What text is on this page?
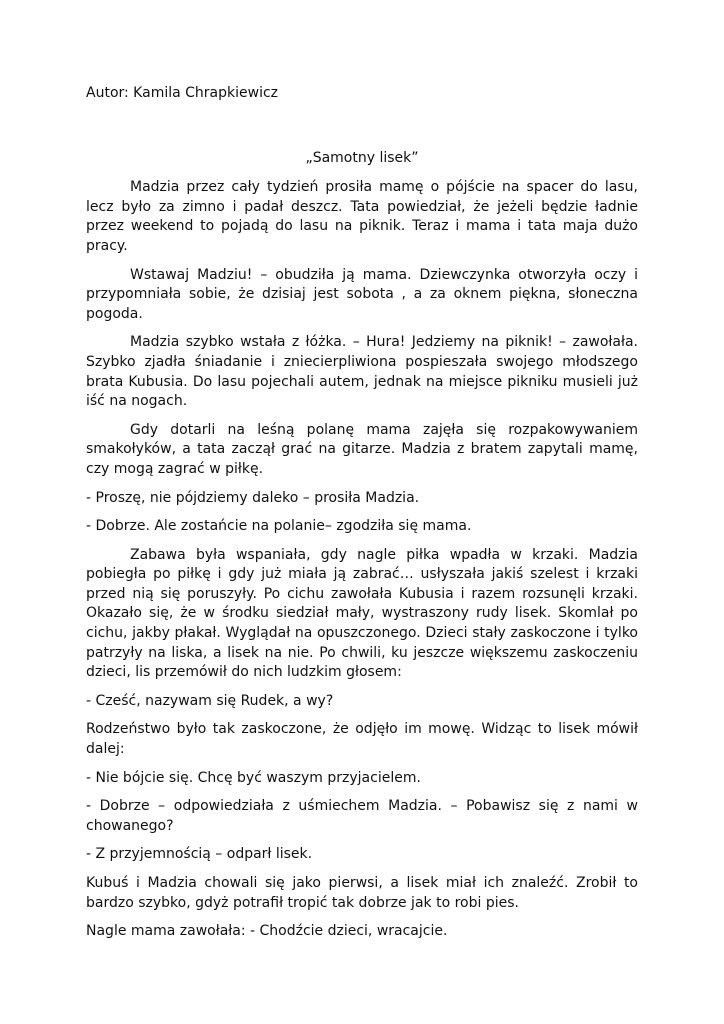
Autor: Kamila Chrapkiewicz

„Samotny lisek”

Madzia przez cały tydzień prosiła mamę o pójście na spacer do lasu, lecz było za zimno i padał deszcz. Tata powiedział, że jeżeli będzie ładnie przez weekend to pojadą do lasu na piknik. Teraz i mama i tata maja dużo pracy.

Wstawaj Madziu! – obudziła ją mama. Dziewczynka otworzyła oczy i przypomniała sobie, że dzisiaj jest sobota , a za oknem piękna, słoneczna pogoda.

Madzia szybko wstała z łóżka. – Hura! Jedziemy na piknik! – zawołała. Szybko zjadła śniadanie i zniecierpliwiona pospieszała swojego młodszego brata Kubusia. Do lasu pojechali autem, jednak na miejsce pikniku musieli już iść na nogach.

Gdy dotarli na leśną polanę mama zajęła się rozpakowywaniem smakołyków, a tata zaczął grać na gitarze. Madzia z bratem zapytali mamę, czy mogą zagrać w piłkę.

- Proszę, nie pójdziemy daleko – prosiła Madzia.

- Dobrze. Ale zostańcie na polanie– zgodziła się mama.

Zabawa była wspaniała, gdy nagle piłka wpadła w krzaki. Madzia pobiegła po piłkę i gdy już miała ją zabrać… usłyszała jakiś szelest i krzaki przed nią się poruszyły. Po cichu zawołała Kubusia i razem rozsunęli krzaki. Okazało się, że w środku siedział mały, wystraszony rudy lisek. Skomlał po cichu, jakby płakał. Wyglądał na opuszczonego. Dzieci stały zaskoczone i tylko patrzyły na liska, a lisek na nie. Po chwili, ku jeszcze większemu zaskoczeniu dzieci, lis przemówił do nich ludzkim głosem:

- Cześć, nazywam się Rudek, a wy?

Rodzeństwo było tak zaskoczone, że odjęło im mowę. Widząc to lisek mówił dalej:

- Nie bójcie się. Chcę być waszym przyjacielem.

- Dobrze – odpowiedziała z uśmiechem Madzia. – Pobawisz się z nami w chowanego?

- Z przyjemnością – odparł lisek.

Kubuś i Madzia chowali się jako pierwsi, a lisek miał ich znaleźć. Zrobił to bardzo szybko, gdyż potrafił tropić tak dobrze jak to robi pies.

Nagle mama zawołała: - Chodźcie dzieci, wracajcie.
